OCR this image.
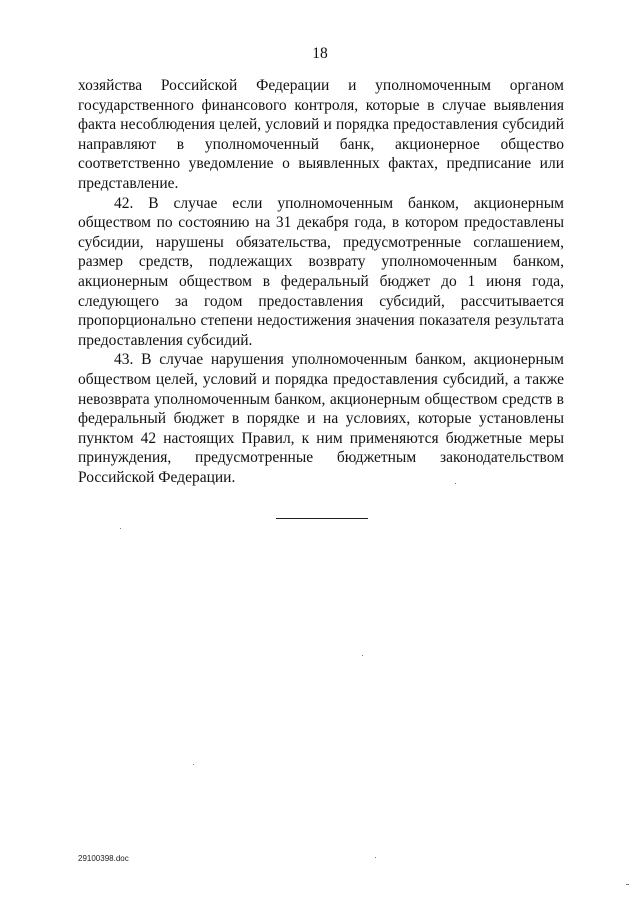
18

хозяйства Российской Федерации и уполномоченным органом государственного финансового контроля, которые в случае выявления факта несоблюдения целей, условий и порядка предоставления субсидий направляют в уполномоченный банк, акционерное общество соответственно уведомление о выявленных фактах, предписание или представление.

42. В случае если уполномоченным банком, акционерным обществом по состоянию на 31 декабря года, в котором предоставлены субсидии, нарушены обязательства, предусмотренные соглашением, размер средств, подлежащих возврату уполномоченным банком, акционерным обществом в федеральный бюджет до 1 июня года, следующего за годом предоставления субсидий, рассчитывается пропорционально степени недостижения значения показателя результата предоставления субсидий.

43. В случае нарушения уполномоченным банком, акционерным обществом целей, условий и порядка предоставления субсидий, а также невозврата уполномоченным банком, акционерным обществом средств в федеральный бюджет в порядке и на условиях, которые установлены пунктом 42 настоящих Правил, к ним применяются бюджетные меры принуждения, предусмотренные бюджетным законодательством Российской Федерации.

29100398.doc
